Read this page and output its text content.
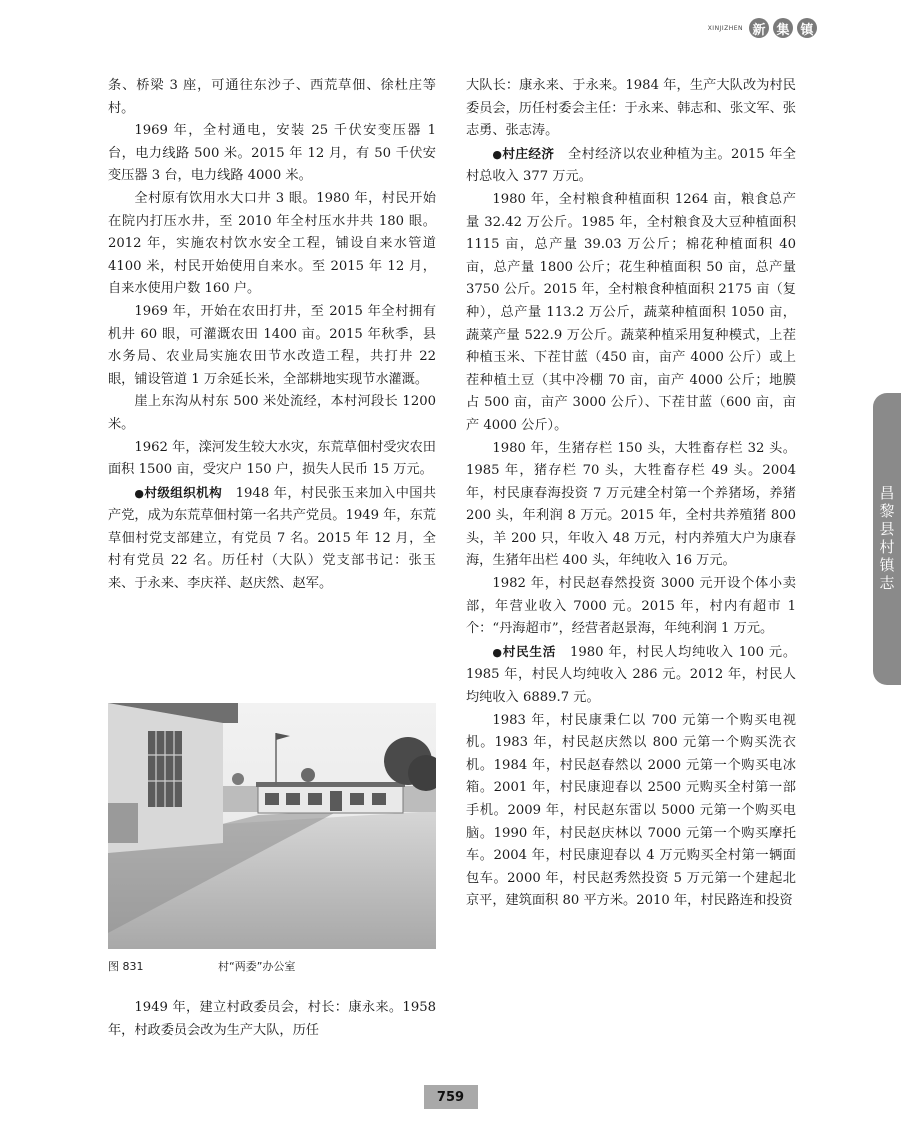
XINJIZHEN 新 集 镇

条、桥梁 3 座，可通往东沙子、西荒草佃、徐杜庄等村。

1969 年，全村通电，安装 25 千伏安变压器 1 台，电力线路 500 米。2015 年 12 月，有 50 千伏安变压器 3 台，电力线路 4000 米。

全村原有饮用水大口井 3 眼。1980 年，村民开始在院内打压水井，至 2010 年全村压水井共 180 眼。2012 年，实施农村饮水安全工程，铺设自来水管道 4100 米，村民开始使用自来水。至 2015 年 12 月，自来水使用户数 160 户。

1969 年，开始在农田打井，至 2015 年全村拥有机井 60 眼，可灌溉农田 1400 亩。2015 年秋季，县水务局、农业局实施农田节水改造工程，共打井 22 眼，铺设管道 1 万余延长米，全部耕地实现节水灌溉。

崖上东沟从村东 500 米处流经，本村河段长 1200 米。

1962 年，滦河发生较大水灾，东荒草佃村受灾农田面积 1500 亩，受灾户 150 户，损失人民币 15 万元。

●村级组织机构　 1948 年，村民张玉来加入中国共产党，成为东荒草佃村第一名共产党员。1949 年，东荒草佃村党支部建立，有党员 7 名。2015 年 12 月，全村有党员 22 名。历任村（大队）党支部书记：张玉来、于永来、李庆祥、赵庆然、赵军。

图 831	村“两委”办公室

1949 年，建立村政委员会，村长：康永来。1958 年，村政委员会改为生产大队，历任

大队长：康永来、于永来。1984 年，生产大队改为村民委员会，历任村委会主任：于永来、韩志和、张文军、张志勇、张志涛。

●村庄经济　 全村经济以农业种植为主。2015 年全村总收入 377 万元。

1980 年，全村粮食种植面积 1264 亩，粮食总产量 32.42 万公斤。1985 年，全村粮食及大豆种植面积 1115 亩，总产量 39.03 万公斤；棉花种植面积 40 亩，总产量 1800 公斤；花生种植面积 50 亩，总产量 3750 公斤。2015 年，全村粮食种植面积 2175 亩（复种），总产量 113.2 万公斤，蔬菜种植面积 1050 亩，蔬菜产量 522.9 万公斤。蔬菜种植采用复种模式，上茬种植玉米、下茬甘蓝（450 亩，亩产 4000 公斤）或上茬种植土豆（其中冷棚 70 亩，亩产 4000 公斤；地膜占 500 亩，亩产 3000 公斤）、下茬甘蓝（600 亩，亩产 4000 公斤）。

1980 年，生猪存栏 150 头，大牲畜存栏 32 头。1985 年，猪存栏 70 头，大牲畜存栏 49 头。2004 年，村民康春海投资 7 万元建全村第一个养猪场，养猪 200 头，年利润 8 万元。2015 年，全村共养殖猪 800 头，羊 200 只，年收入 48 万元，村内养殖大户为康春海，生猪年出栏 400 头，年纯收入 16 万元。

1982 年，村民赵春然投资 3000 元开设个体小卖部，年营业收入 7000 元。2015 年，村内有超市 1 个：“丹海超市”，经营者赵景海，年纯利润 1 万元。

●村民生活　 1980 年，村民人均纯收入 100 元。1985 年，村民人均纯收入 286 元。2012 年，村民人均纯收入 6889.7 元。

1983 年，村民康秉仁以 700 元第一个购买电视机。1983 年，村民赵庆然以 800 元第一个购买洗衣机。1984 年，村民赵春然以 2000 元第一个购买电冰箱。2001 年，村民康迎春以 2500 元购买全村第一部手机。2009 年，村民赵东雷以 5000 元第一个购买电脑。1990 年，村民赵庆林以 7000 元第一个购买摩托车。2004 年，村民康迎春以 4 万元购买全村第一辆面包车。2000 年，村民赵秀然投资 5 万元第一个建起北京平，建筑面积 80 平方米。2010 年，村民路连和投资

昌黎县村镇志
759
